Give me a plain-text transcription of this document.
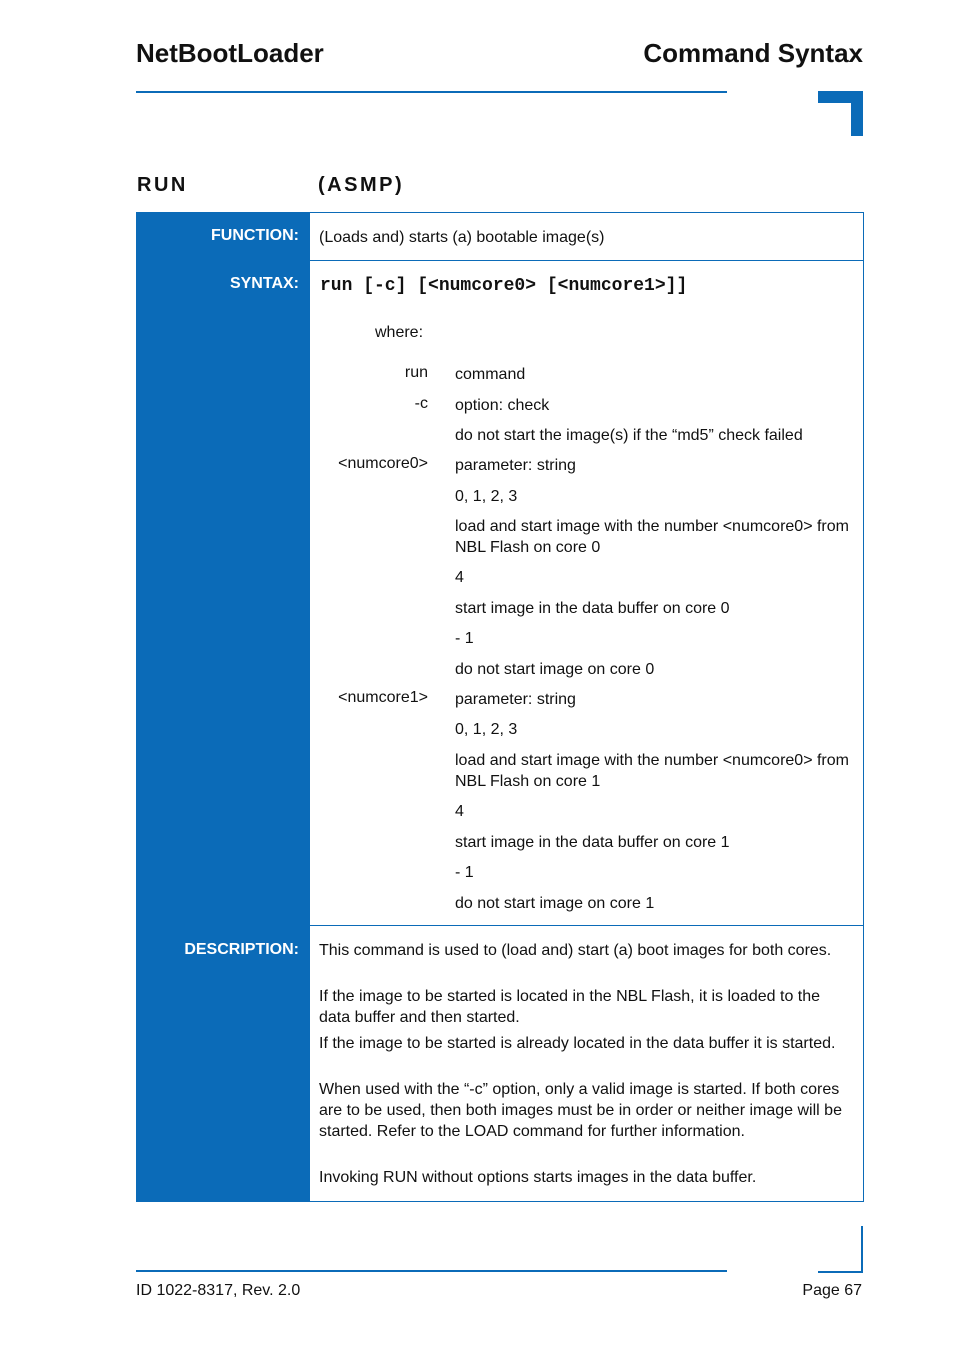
NetBootLoader	Command Syntax
RUN	(ASMP)
FUNCTION: (Loads and) starts (a) bootable image(s)
SYNTAX: run [-c] [<numcore0> [<numcore1>]]
where:
run command
-c option: check
do not start the image(s) if the “md5” check failed
<numcore0> parameter: string
0, 1, 2, 3
load and start image with the number <numcore0> from NBL Flash on core 0
4
start image in the data buffer on core 0
- 1
do not start image on core 0
<numcore1> parameter: string
0, 1, 2, 3
load and start image with the number <numcore0> from NBL Flash on core 1
4
start image in the data buffer on core 1
- 1
do not start image on core 1
DESCRIPTION: This command is used to (load and) start (a) boot images for both cores.
If the image to be started is located in the NBL Flash, it is loaded to the data buffer and then started.
If the image to be started is already located in the data buffer it is started.
When used with the “-c” option, only a valid image is started. If both cores are to be used, then both images must be in order or neither image will be started. Refer to the LOAD command for further information.
Invoking RUN without options starts images in the data buffer.
ID 1022-8317, Rev. 2.0	Page 67
